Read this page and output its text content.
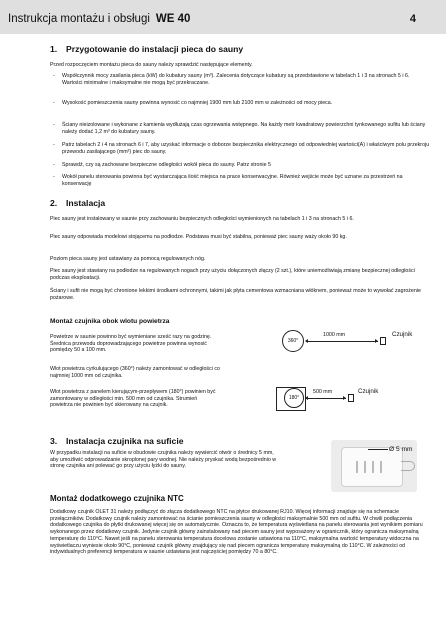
Instrukcja montażu i obsługi WE 40	4
1. Przygotowanie do instalacji pieca do sauny
Przed rozpoczęciem montażu pieca do sauny należy sprawdzić następujące elementy.
- Współczynnik mocy zasilania pieca (kW) do kubatury sauny (m³). Zalecenia dotyczące kubatury są przedstawione w tabelach 1 i 3 na stronach 5 i 6. Wartości minimalne i maksymalne nie mogą być przekraczane.
- Wysokość pomieszczenia sauny powinna wynosić co najmniej 1900 mm lub 2100 mm w zależności od mocy pieca.
- Ściany nieizolowane i wykonane z kamienia wydłużają czas ogrzewania wstępnego. Na każdy metr kwadratowy powierzchni tynkowanego sufitu lub ściany należy dodać 1,2 m³ do kubatury sauny.
- Patrz tabelach 2 i 4 na stronach 6 i 7, aby uzyskać informacje o doborze bezpiecznika elektrycznego od odpowiedniej wartości(A) i właściwym polu przekroju przewodu zasilającego (mm²) piec do sauny.
- Sprawdź, czy są zachowane bezpieczne odległości wokół pieca do sauny. Patrz stronie 5
- Wokół panelu sterowania powinna być wystarczająca ilość miejsca na prace konserwacyjne. Również wejście może być uznane za przestrzeń na konserwację
2. Instalacja
Piec sauny jest instalowany w saunie przy zachowaniu bezpiecznych odległości wymienionych na tabelach 1 i 3 na stronach 5 i 6.
Piec sauny odpowiada modelowi stojącemu na podłodze. Podstawa musi być stabilna, ponieważ piec sauny waży około 90 kg.
Poziom pieca sauny jest ustawiany za pomocą regulowanych nóg.
Piec sauny jest stawiany na podłodze na regulowanych nogach przy użyciu dołączonych złączy (2 szt.), które uniemożliwiają zmianę bezpiecznej odległości podczas eksploatacji.
Ściany i sufit nie mogą być chronione lekkimi środkami ochronnymi, takimi jak płyta cementowa wzmacniana włóknem, ponieważ może to wywołać zagrożenie pożarowe.
Montaż czujnika obok wlotu powietrza
Powietrze w saunie powinno być wymieniane sześć razy na godzinę. Średnica przewodu doprowadzającego powietrze powinna wynosić pomiędzy 50 a 100 mm.
Wlot powietrza cyrkulującego (360°) należy zamontować w odległości co najmniej 1000 mm od czujnika.
Wlot powietrza z panelem kierującym-przepływem (180°) powinien być zamontowany w odległości min. 500 mm od czujnika. Strumień powietrza nie powinien być skierowany na czujnik.
360°
1000 mm	Czujnik
180°
500 mm	Czujnik
3. Instalacja czujnika na suficie
W przypadku instalacji na suficie w obudowie czujnika należy wywiercić otwór o średnicy 5 mm, aby umożliwić odprowadzanie skroplonej pary wodnej. Nie należy pryskać wodą bezpośrednio w stronę czujnika ani polewać go przy użyciu łyżki do sauny.
Ø 5 mm
Montaż dodatkowego czujnika NTC
Dodatkowy czujnik OLET 31 należy podłączyć do złącza dodatkowego NTC na płytce drukowanej RJ10. Więcej informacji znajduje się na schemacie przełączników. Dodatkowy czujnik należy zamontować na ścianie pomieszczenia sauny w odległości maksymalnie 500 mm od sufitu. W chwili podłączenia dodatkowego czujnika do płytki drukowanej więcej się on automatycznie. Oznacza to, że temperatura wyświetlana na panelu sterowania jest wynikiem pomiaru wykonanego przez dodatkowy czujnik. Jedynie czujnik główny zainstalowany nad piecem sauny jest wyposażony w ogranicznik, który ogranicza maksymalną temperaturę do 110°C. Nawet jeśli na panelu sterowania temperatura docelowa zostanie ustawiona na 110°C, maksymalna wartość temperatury widoczna na wyświetlaczu wyniesie około 90°C, ponieważ czujnik główny znajdujący się nad piecem ogranicza temperaturę maksymalną do 110°C. W zależności od indywidualnych preferencji temperatura w saunie ustawiana jest najczęściej pomiędzy 70 a 80°C.
